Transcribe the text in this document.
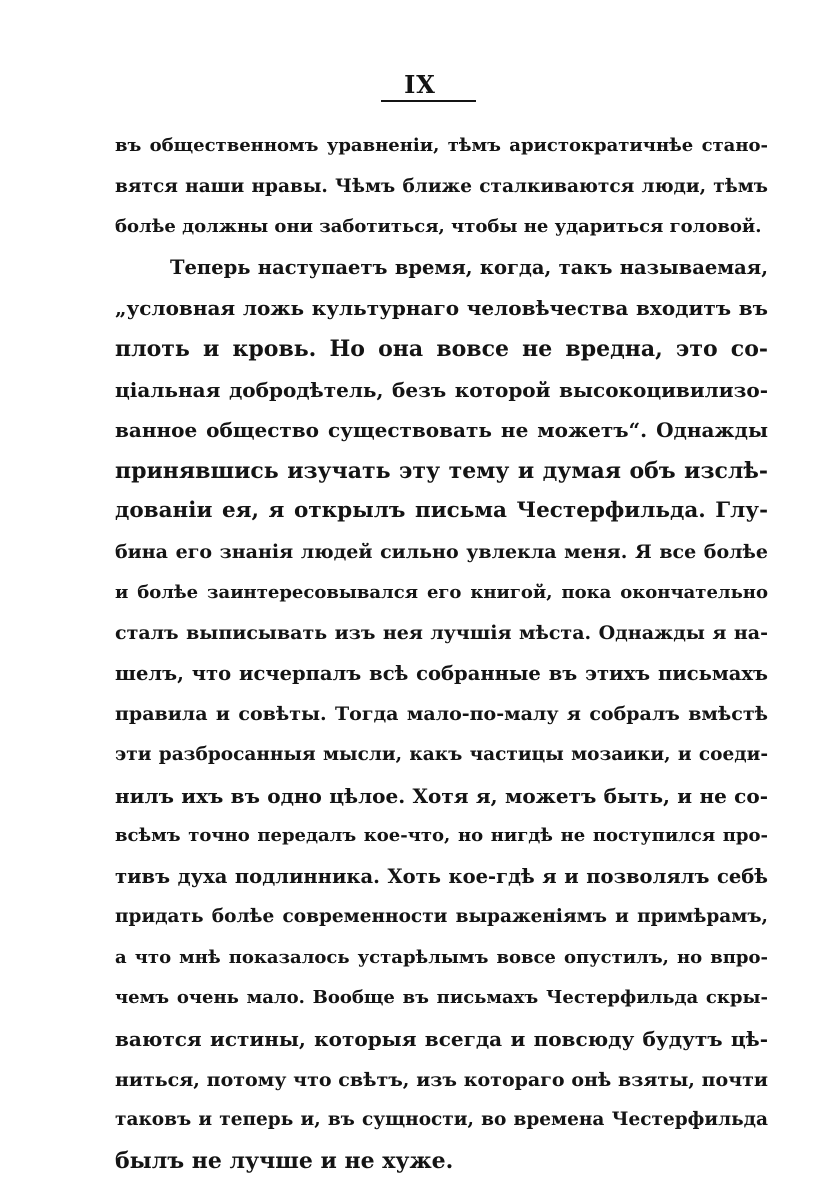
IX
въ общественномъ уравненіи, тѣмъ аристократичнѣе стано-
вятся наши нравы. Чѣмъ ближе сталкиваются люди, тѣмъ
болѣе должны они заботиться, чтобы не удариться головой.
Теперь наступаетъ время, когда, такъ называемая,
„условная ложь культурнаго человѣчества входитъ въ
плоть и кровь. Но она вовсе не вредна, это со-
ціальная добродѣтель, безъ которой высокоцивилизо-
ванное общество существовать не можетъ“. Однажды
принявшись изучать эту тему и думая объ изслѣ-
дованіи ея, я открылъ письма Честерфильда. Глу-
бина его знанія людей сильно увлекла меня. Я все болѣе
и болѣе заинтересовывался его книгой, пока окончательно
сталъ выписывать изъ нея лучшія мѣста. Однажды я на-
шелъ, что исчерпалъ всѣ собранные въ этихъ письмахъ
правила и совѣты. Тогда мало-по-малу я собралъ вмѣстѣ
эти разбросанныя мысли, какъ частицы мозаики, и соеди-
нилъ ихъ въ одно цѣлое. Хотя я, можетъ быть, и не со-
всѣмъ точно передалъ кое-что, но нигдѣ не поступился про-
тивъ духа подлинника. Хоть кое-гдѣ я и позволялъ себѣ
придать болѣе современности выраженіямъ и примѣрамъ,
а что мнѣ показалось устарѣлымъ вовсе опустилъ, но впро-
чемъ очень мало. Вообще въ письмахъ Честерфильда скры-
ваются истины, которыя всегда и повсюду будутъ цѣ-
ниться, потому что свѣтъ, изъ котораго онѣ взяты, почти
таковъ и теперь и, въ сущности, во времена Честерфильда
былъ не лучше и не хуже.
